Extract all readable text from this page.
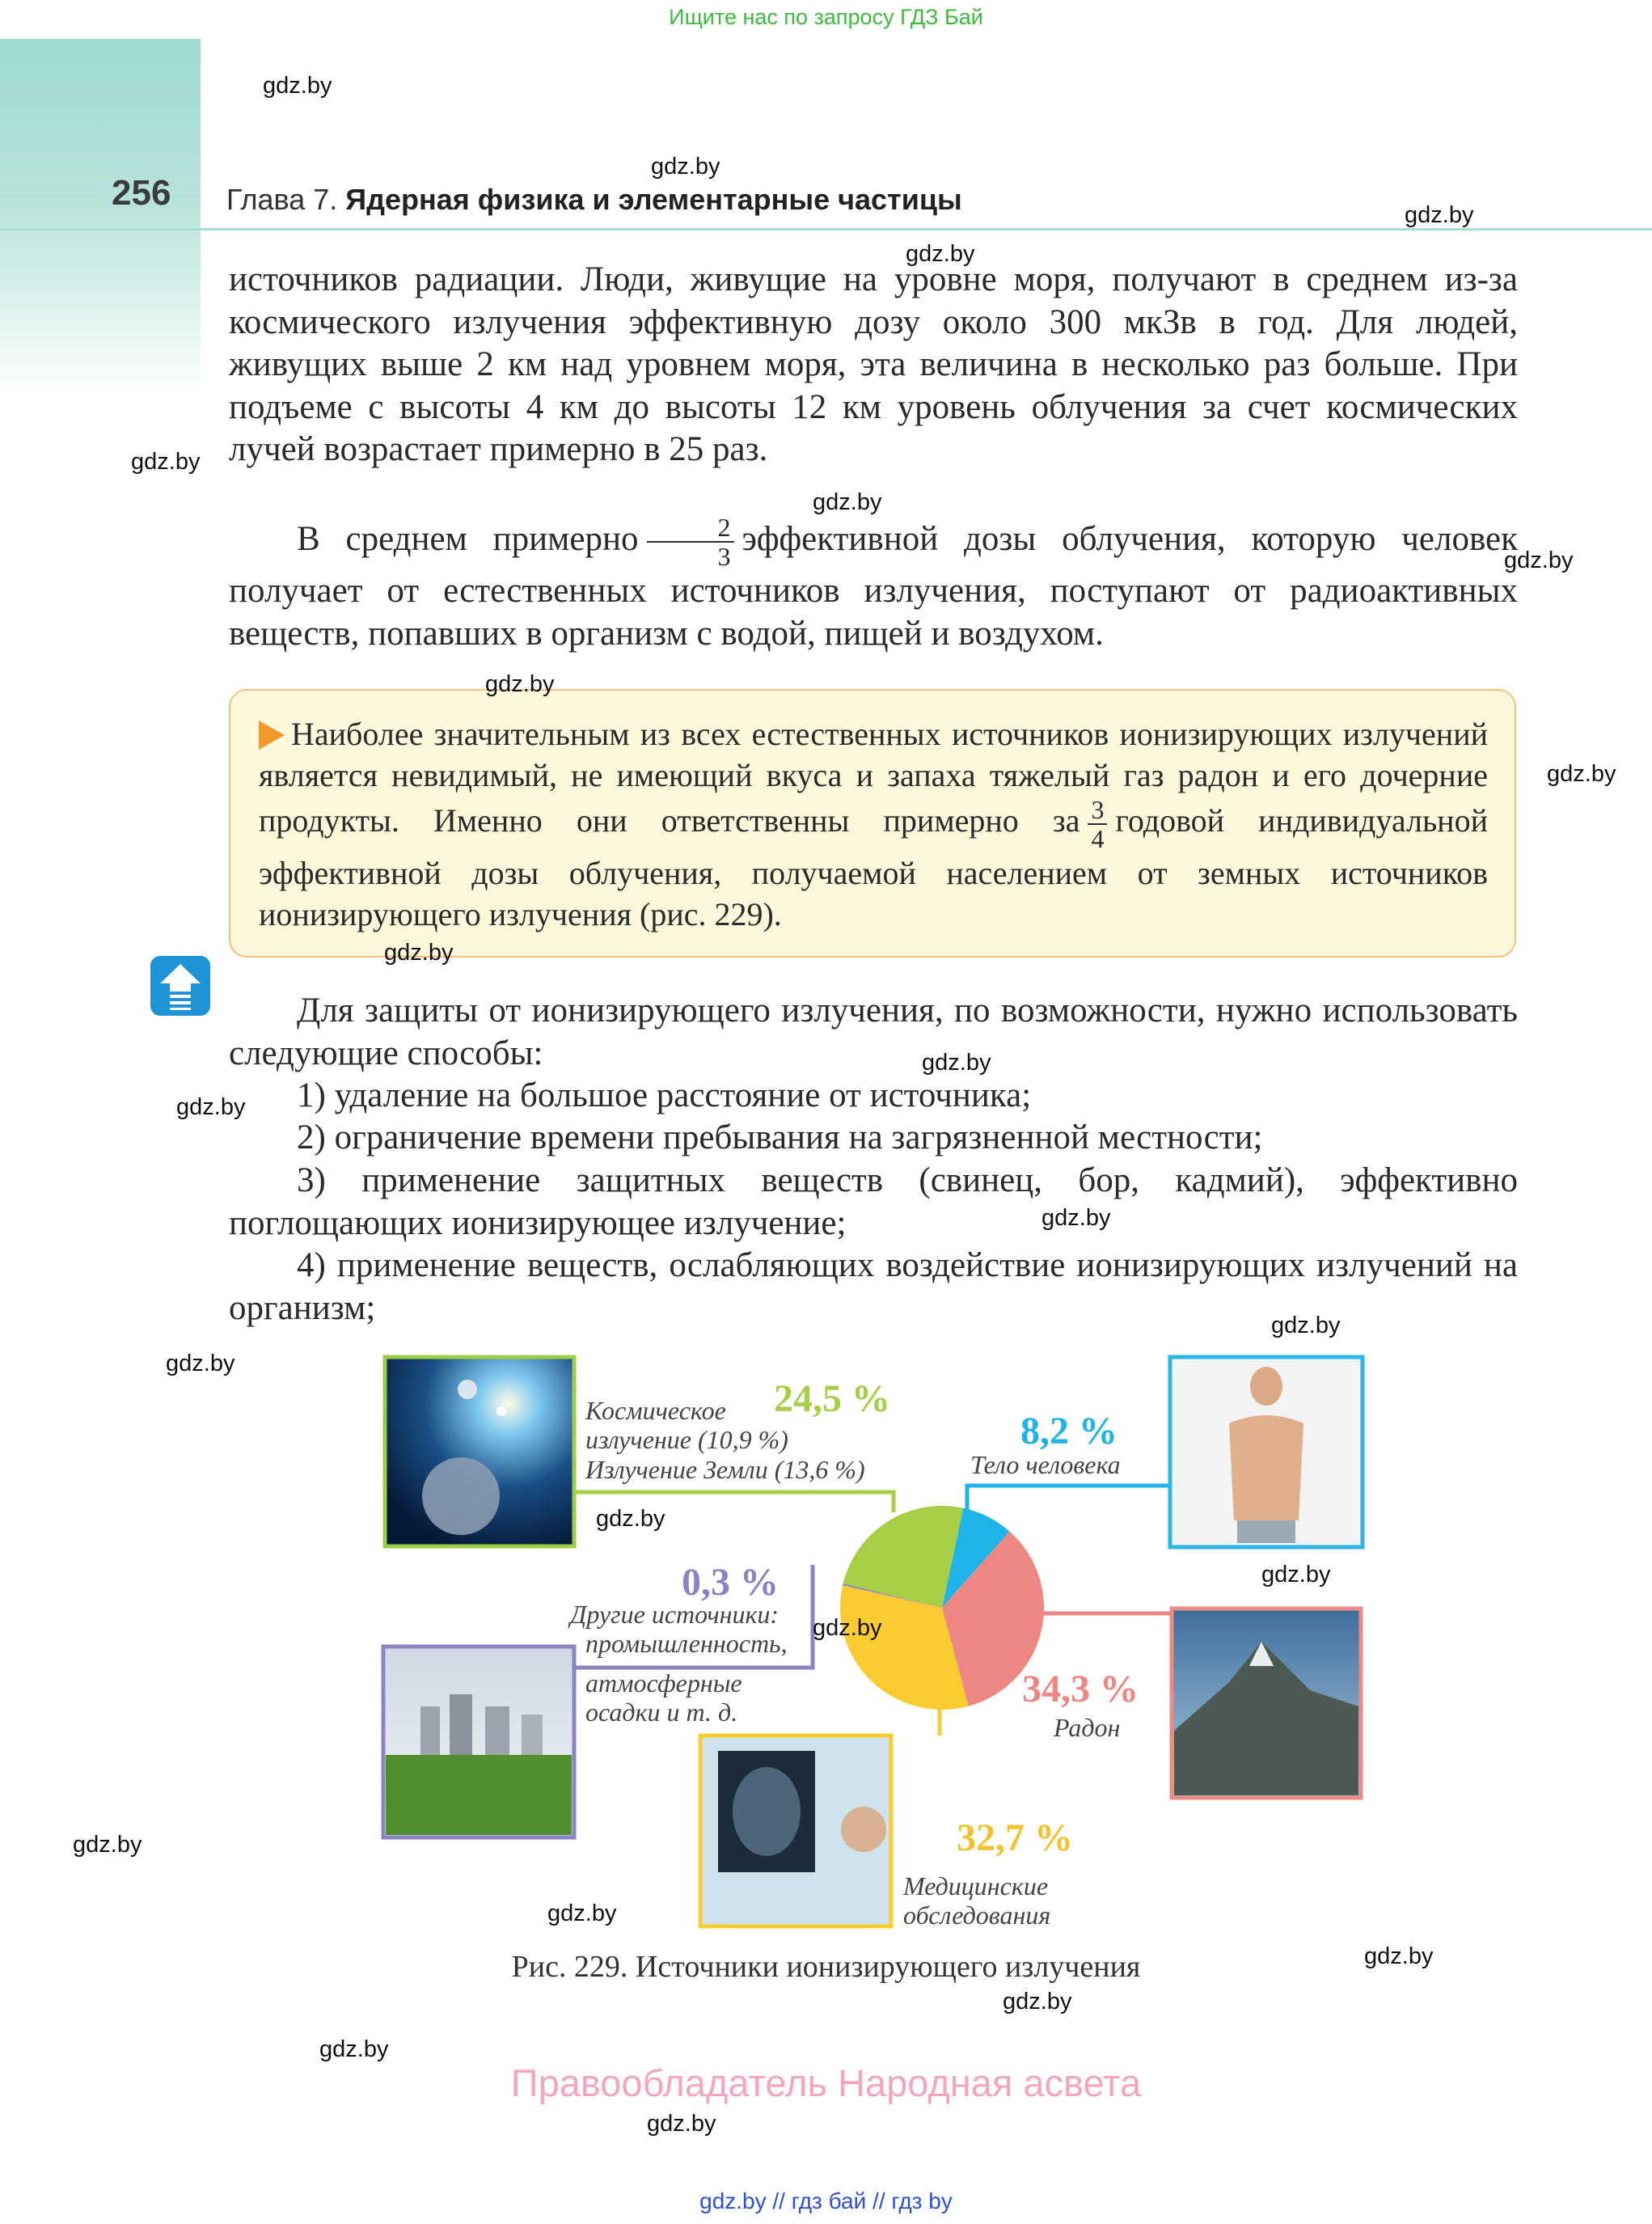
Ищите нас по запросу ГДЗ Бай
256 Глава 7. Ядерная физика и элементарные частицы
источников радиации. Люди, живущие на уровне моря, получают в среднем из-за космического излучения эффективную дозу около 300 мкЗв в год. Для людей, живущих выше 2 км над уровнем моря, эта величина в несколько раз больше. При подъеме с высоты 4 км до высоты 12 км уровень облучения за счет космических лучей возрастает примерно в 25 раз.
В среднем примерно $\frac{2}{3}$ эффективной дозы облучения, которую человек получает от естественных источников излучения, поступают от радиоактивных веществ, попавших в организм с водой, пищей и воздухом.
Наиболее значительным из всех естественных источников ионизирующих излучений является невидимый, не имеющий вкуса и запаха тяжелый газ радон и его дочерние продукты. Именно они ответственны примерно за $\frac{3}{4}$ годовой индивидуальной эффективной дозы облучения, получаемой населением от земных источников ионизирующего излучения (рис. 229).
Для защиты от ионизирующего излучения, по возможности, нужно использовать следующие способы:
1) удаление на большое расстояние от источника;
2) ограничение времени пребывания на загрязненной местности;
3) применение защитных веществ (свинец, бор, кадмий), эффективно поглощающих ионизирующее излучение;
4) применение веществ, ослабляющих воздействие ионизирующих излучений на организм;
24,5 %
8,2 %
0,3 %
34,3 %
32,7 %
Космическое
излучение (10,9 %)
Излучение Земли (13,6 %)	Тело человека
Другие источники:
промышленность,
атмосферные
осадки и т. д.
Радон
Медицинские
обследования
Рис. 229. Источники ионизирующего излучения
Правообладатель Народная асвета
gdz.by // гдз бай // гдз by
gdz.by
gdz.by
gdz.by
gdz.by
gdz.by
gdz.by
gdz.by
gdz.by
gdz.by
gdz.by
gdz.by
gdz.by
gdz.by
gdz.by
gdz.by
gdz.by
gdz.by
gdz.by
gdz.by
gdz.by
gdz.by
gdz.by
gdz.by
gdz.by
